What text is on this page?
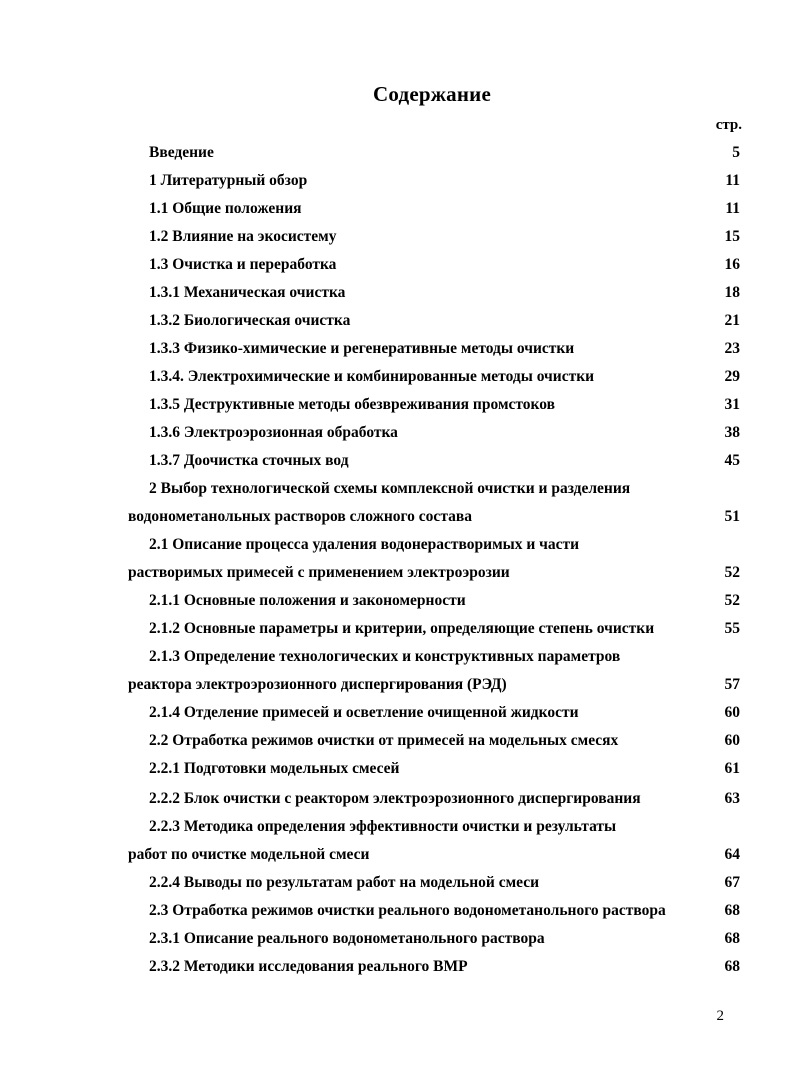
Содержание
стр.
Введение	5
1 Литературный обзор	11
1.1 Общие положения	11
1.2 Влияние на экосистему	15
1.3 Очистка и переработка	16
1.3.1 Механическая очистка	18
1.3.2 Биологическая очистка	21
1.3.3 Физико-химические и регенеративные методы очистки	23
1.3.4. Электрохимические и комбинированные методы очистки	29
1.3.5 Деструктивные методы обезвреживания промстоков	31
1.3.6 Электроэрозионная обработка	38
1.3.7 Доочистка сточных вод	45
2 Выбор технологической схемы комплексной очистки и разделения
водонометанольных растворов сложного состава	51
2.1 Описание процесса удаления водонерастворимых и части
растворимых примесей с применением электроэрозии	52
2.1.1 Основные положения и закономерности	52
2.1.2 Основные параметры и критерии, определяющие степень очистки	55
2.1.3 Определение технологических и конструктивных параметров
реактора электроэрозионного диспергирования (РЭД)	57
2.1.4 Отделение примесей и осветление очищенной жидкости	60
2.2 Отработка режимов очистки от примесей на модельных смесях	60
2.2.1 Подготовки модельных смесей	61
2.2.2 Блок очистки с реактором электроэрозионного диспергирования	63
2.2.3 Методика определения эффективности очистки и результаты
работ по очистке модельной смеси	64
2.2.4 Выводы по результатам работ на модельной смеси	67
2.3 Отработка режимов очистки реального водонометанольного раствора	68
2.3.1 Описание реального водонометанольного раствора	68
2.3.2 Методики исследования реального ВМР	68
2
